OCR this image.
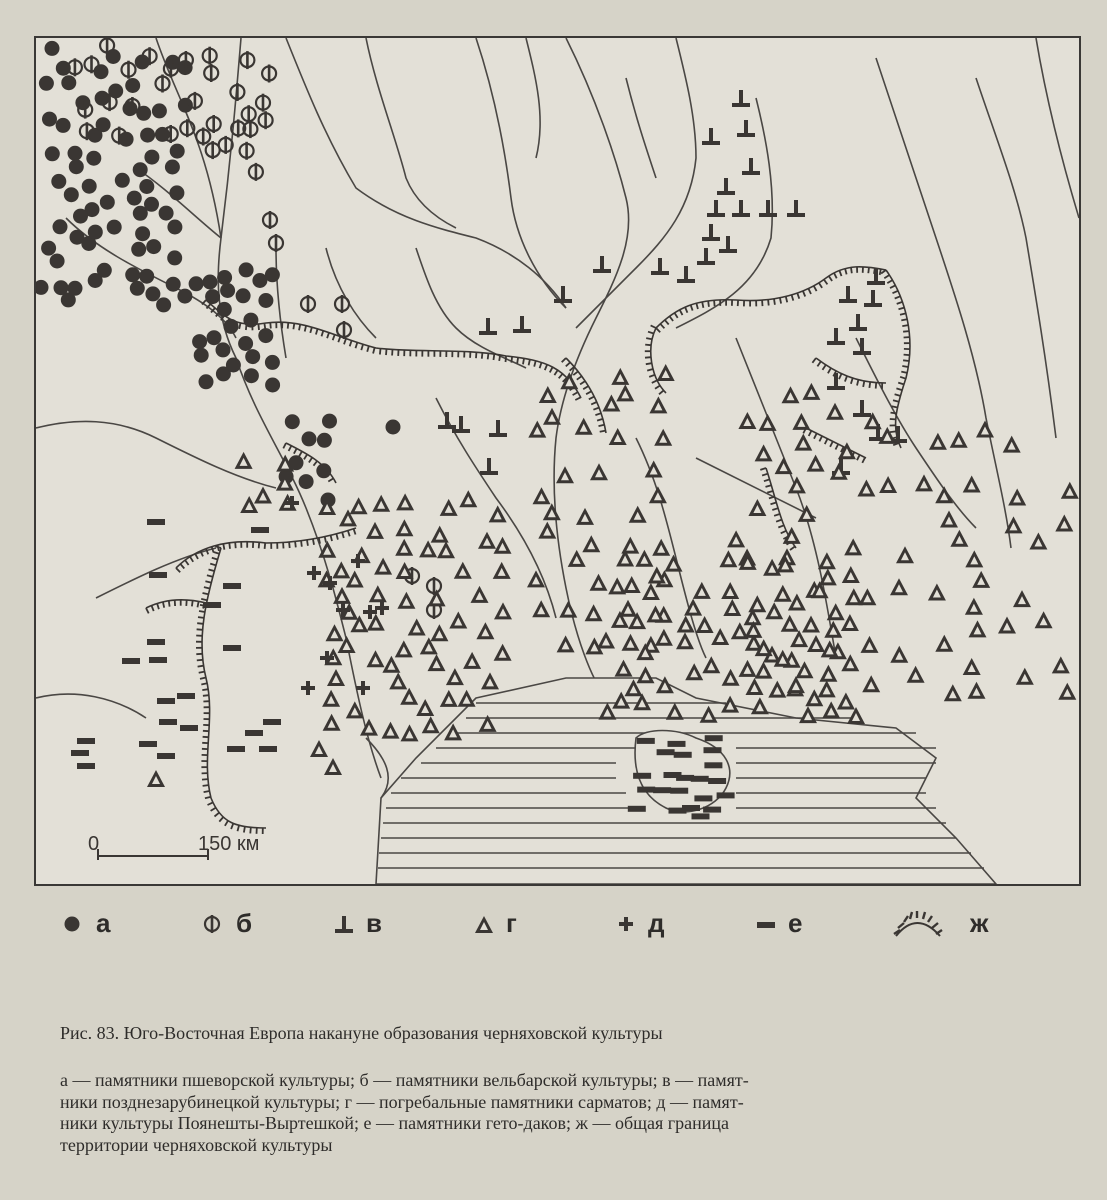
0	150 км
а	б	в	г	д	е	ж
Рис. 83. Юго-Восточная Европа накануне образования черняховской культуры
а — памятники пшеворской культуры; б — памятники вельбарской культуры; в — памят-
ники позднезарубинецкой культуры; г — погребальные памятники сарматов; д — памят-
ники культуры Поянешты-Выртешкой; е — памятники гето-даков; ж — общая граница
территории черняховской культуры
